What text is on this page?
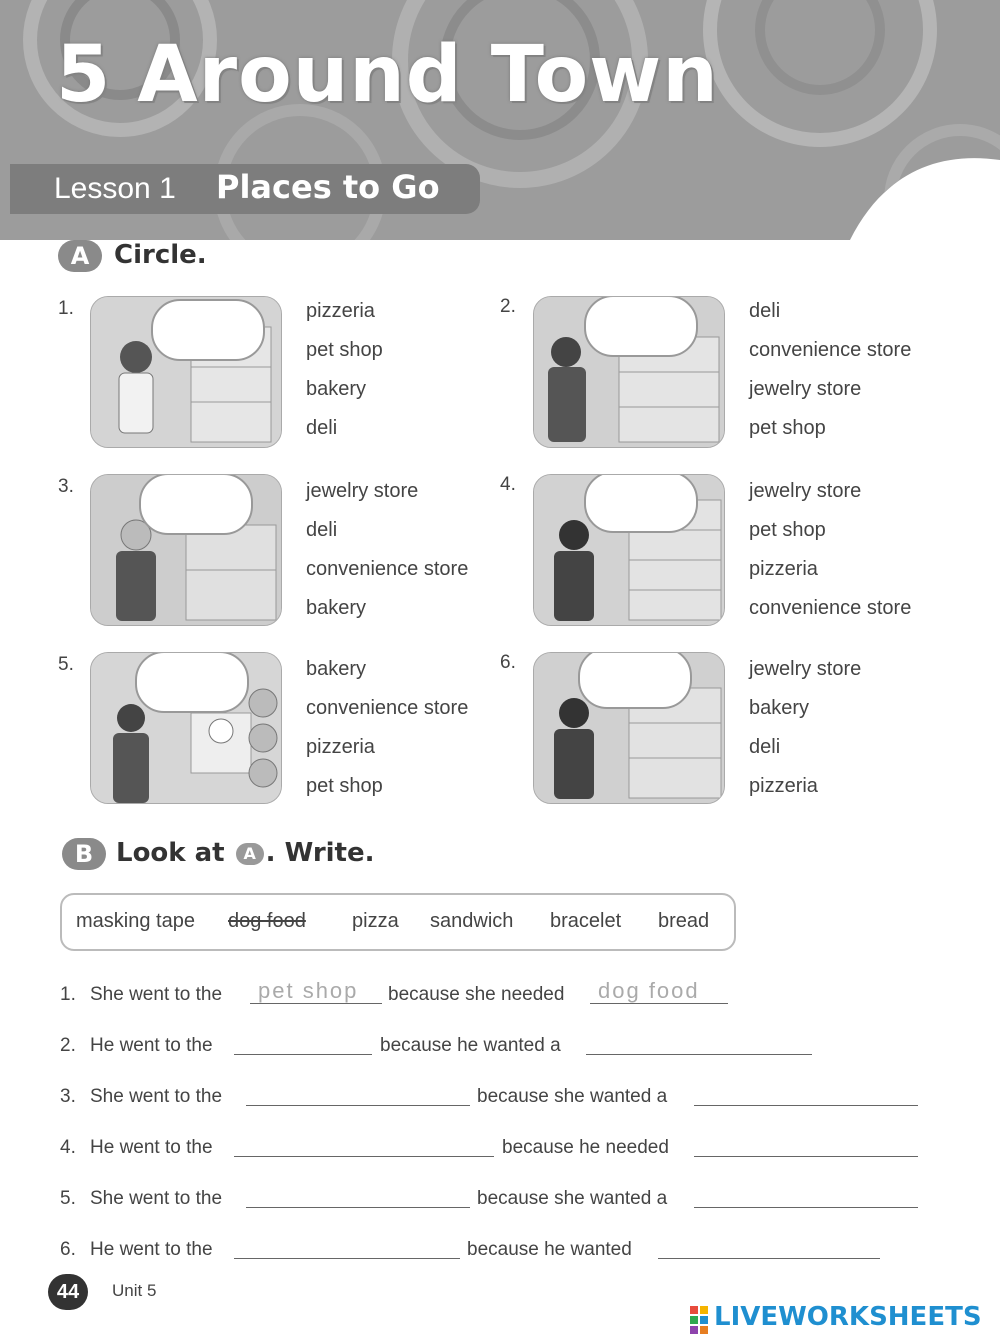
5 Around Town
Lesson 1 Places to Go
A Circle.
1.	pizzeria
pet shop
bakery
deli
2.	deli
convenience store
jewelry store
pet shop
3.	jewelry store
deli
convenience store
bakery
4.	jewelry store
pet shop
pizzeria
convenience store
5.	bakery
convenience store
pizzeria
pet shop
6.	jewelry store
bakery
deli
pizzeria
B Look at A . Write.
masking tape dog food pizza sandwich bracelet bread
1. She went to the pet shop because she needed dog food
2. He went to the	because he wanted a
3. She went to the	because she wanted a
4. He went to the	because he needed
5. She went to the	because she wanted a
6. He went to the	because he wanted
44	Unit 5
LIVEWORKSHEETS
